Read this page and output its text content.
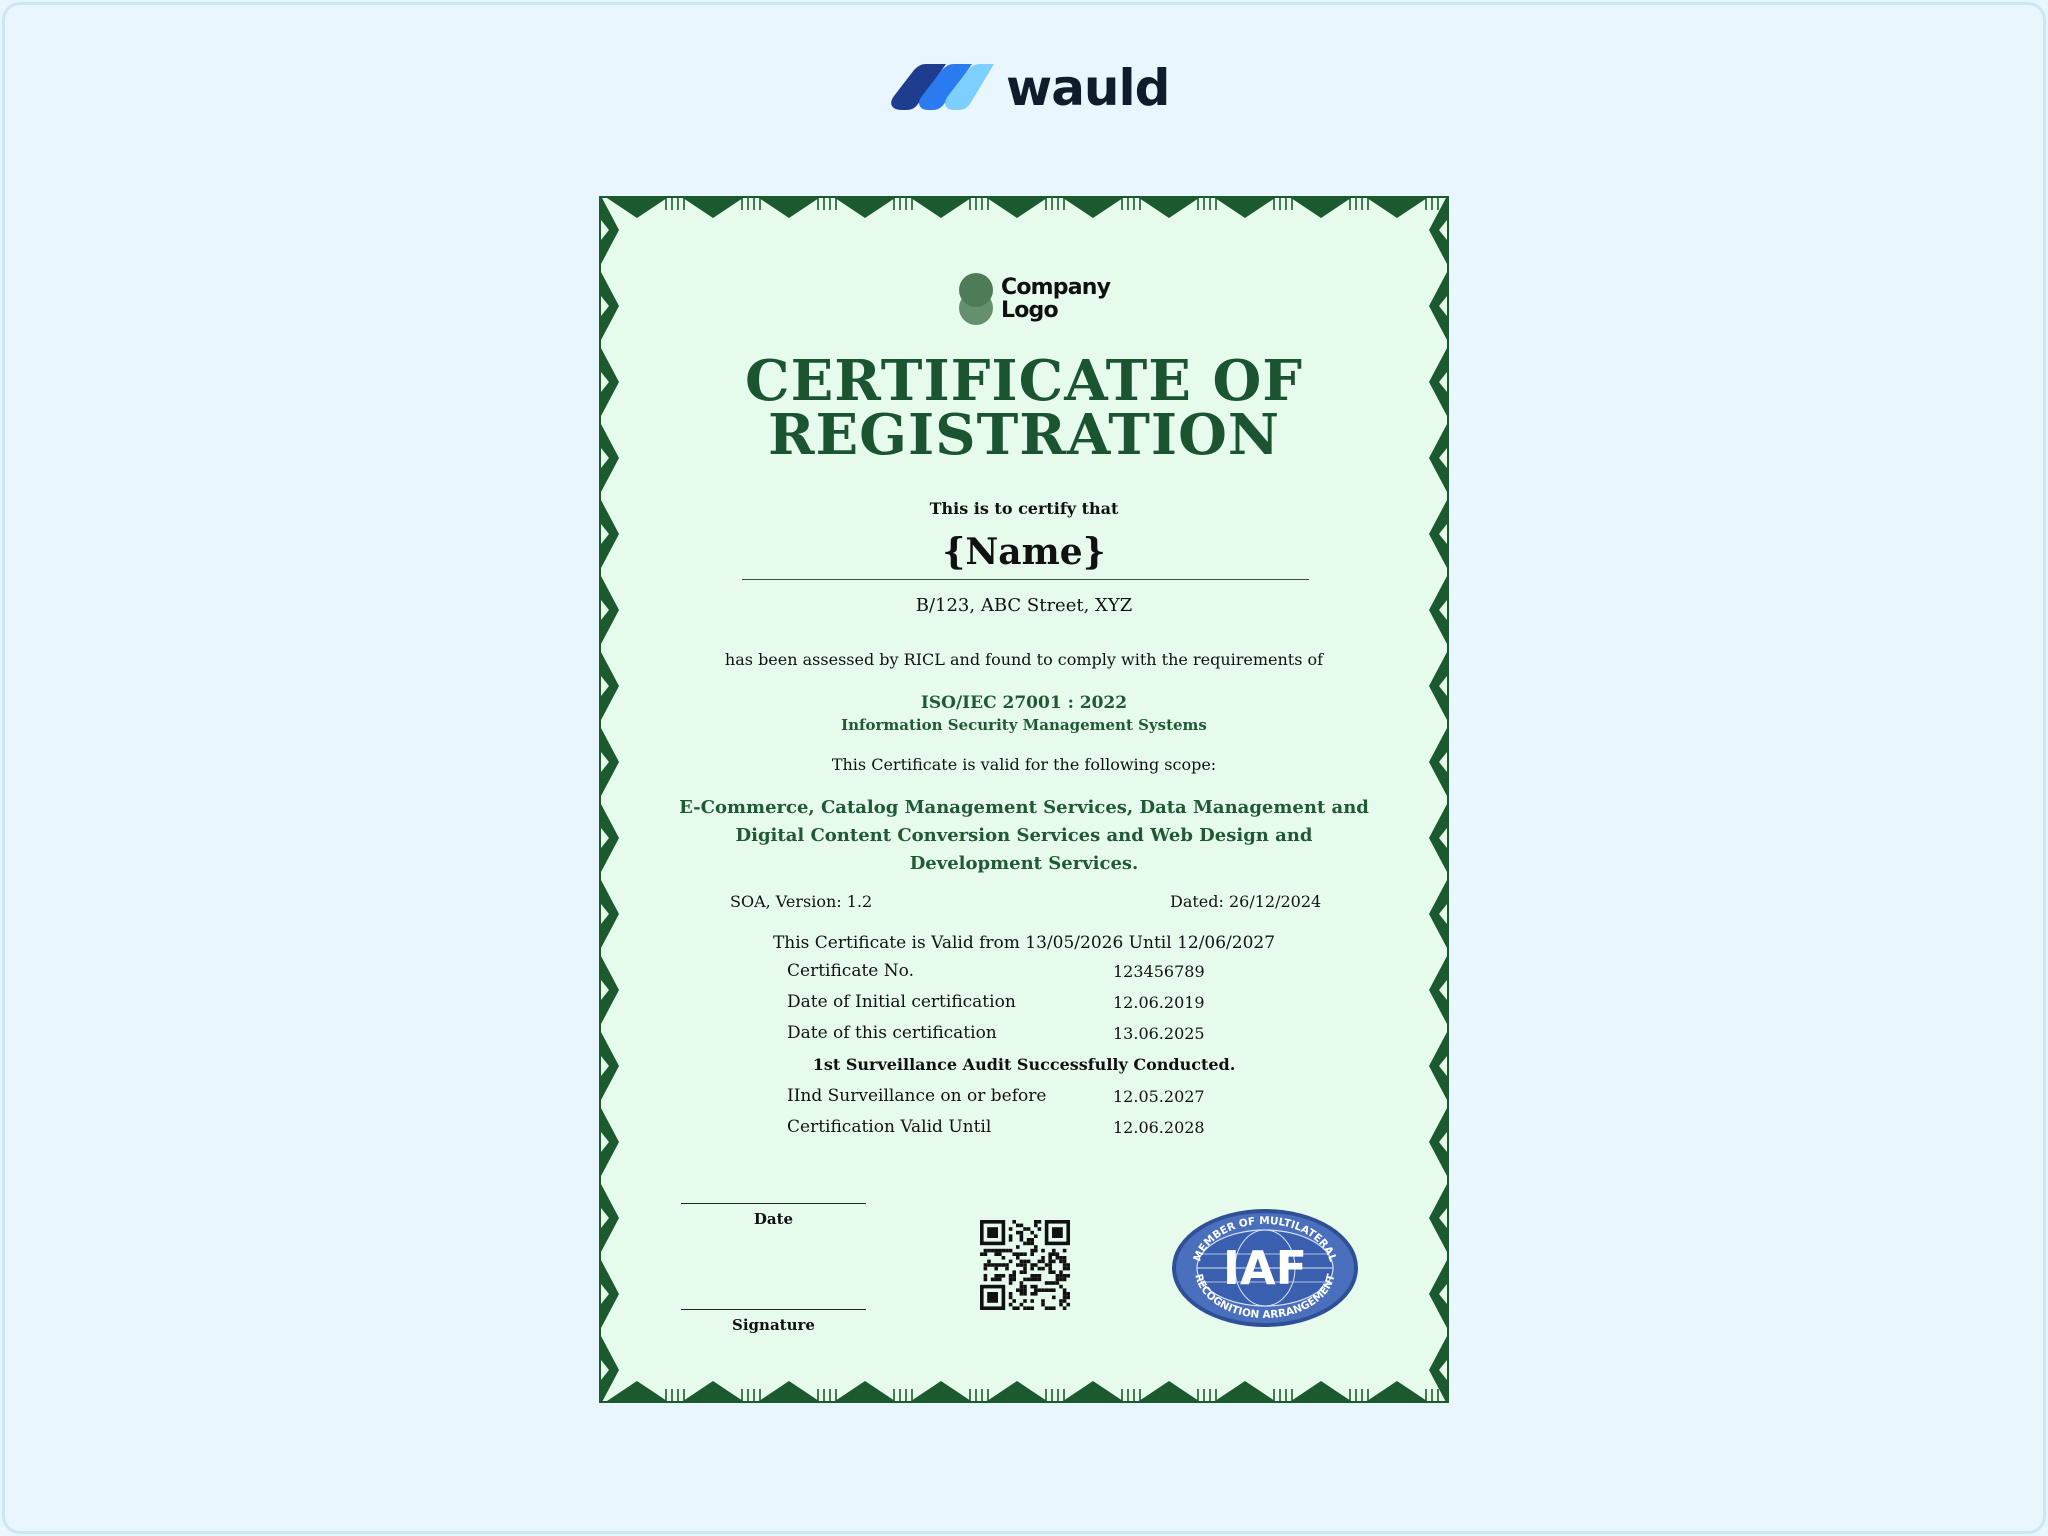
wauld
Company
Logo
CERTIFICATE OF
REGISTRATION
This is to certify that
{Name}
B/123, ABC Street, XYZ
has been assessed by RICL and found to comply with the requirements of
ISO/IEC 27001 : 2022
Information Security Management Systems
This Certificate is valid for the following scope:
E-Commerce, Catalog Management Services, Data Management and Digital Content Conversion Services and Web Design and Development Services.
SOA, Version: 1.2	Dated: 26/12/2024
This Certificate is Valid from 13/05/2026 Until 12/06/2027
Certificate No.	123456789
Date of Initial certification	12.06.2019
Date of this certification	13.06.2025
1st Surveillance Audit Successfully Conducted.
IInd Surveillance on or before	12.05.2027
Certification Valid Until	12.06.2028
Date
Signature
IAF
MEMBER OF MULTILATERAL
RECOGNITION ARRANGEMENT
